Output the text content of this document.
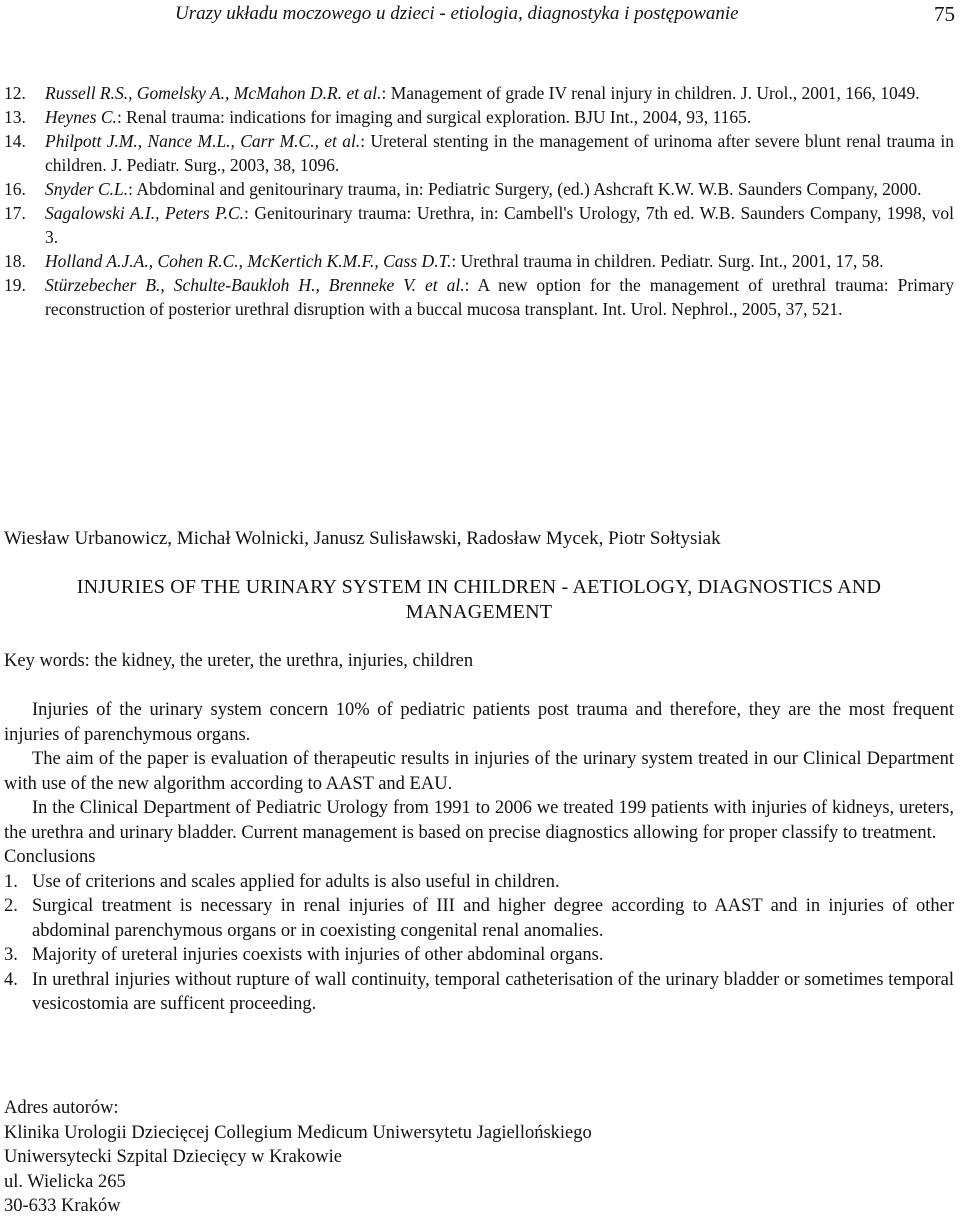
Urazy układu moczowego u dzieci - etiologia, diagnostyka i postępowanie	75
12.	Russell R.S., Gomelsky A., McMahon D.R. et al.: Management of grade IV renal injury in children. J. Urol., 2001, 166, 1049.
13.	Heynes C.: Renal trauma: indications for imaging and surgical exploration. BJU Int., 2004, 93, 1165.
14.	Philpott J.M., Nance M.L., Carr M.C., et al.: Ureteral stenting in the management of urinoma after severe blunt renal trauma in children. J. Pediatr. Surg., 2003, 38, 1096.
16.	Snyder C.L.: Abdominal and genitourinary trauma, in: Pediatric Surgery, (ed.) Ashcraft K.W. W.B. Saunders Company, 2000.
17.	Sagalowski A.I., Peters P.C.: Genitourinary trauma: Urethra, in: Cambell's Urology, 7th ed. W.B. Saunders Company, 1998, vol 3.
18.	Holland A.J.A., Cohen R.C., McKertich K.M.F., Cass D.T.: Urethral trauma in children. Pediatr. Surg. Int., 2001, 17, 58.
19.	Stürzebecher B., Schulte-Baukloh H., Brenneke V. et al.: A new option for the management of urethral trauma: Primary reconstruction of posterior urethral disruption with a buccal mucosa transplant. Int. Urol. Nephrol., 2005, 37, 521.
Wiesław Urbanowicz, Michał Wolnicki, Janusz Sulisławski, Radosław Mycek, Piotr Sołtysiak
INJURIES OF THE URINARY SYSTEM IN CHILDREN - AETIOLOGY, DIAGNOSTICS AND MANAGEMENT
Key words: the kidney, the ureter, the urethra, injuries, children

Injuries of the urinary system concern 10% of pediatric patients post trauma and therefore, they are the most frequent injuries of parenchymous organs.

The aim of the paper is evaluation of therapeutic results in injuries of the urinary system treated in our Clinical Department with use of the new algorithm according to AAST and EAU.

In the Clinical Department of Pediatric Urology from 1991 to 2006 we treated 199 patients with injuries of kidneys, ureters, the urethra and urinary bladder. Current management is based on precise diagnostics allowing for proper classify to treatment.

Conclusions

1. Use of criterions and scales applied for adults is also useful in children.
2. Surgical treatment is necessary in renal injuries of III and higher degree according to AAST and in injuries of other abdominal parenchymous organs or in coexisting congenital renal anomalies.
3. Majority of ureteral injuries coexists with injuries of other abdominal organs.
4. In urethral injuries without rupture of wall continuity, temporal catheterisation of the urinary bladder or sometimes temporal vesicostomia are sufficent proceeding.
Adres autorów:
Klinika Urologii Dziecięcej Collegium Medicum Uniwersytetu Jagiellońskiego
Uniwersytecki Szpital Dziecięcy w Krakowie
ul. Wielicka 265
30-633 Kraków
